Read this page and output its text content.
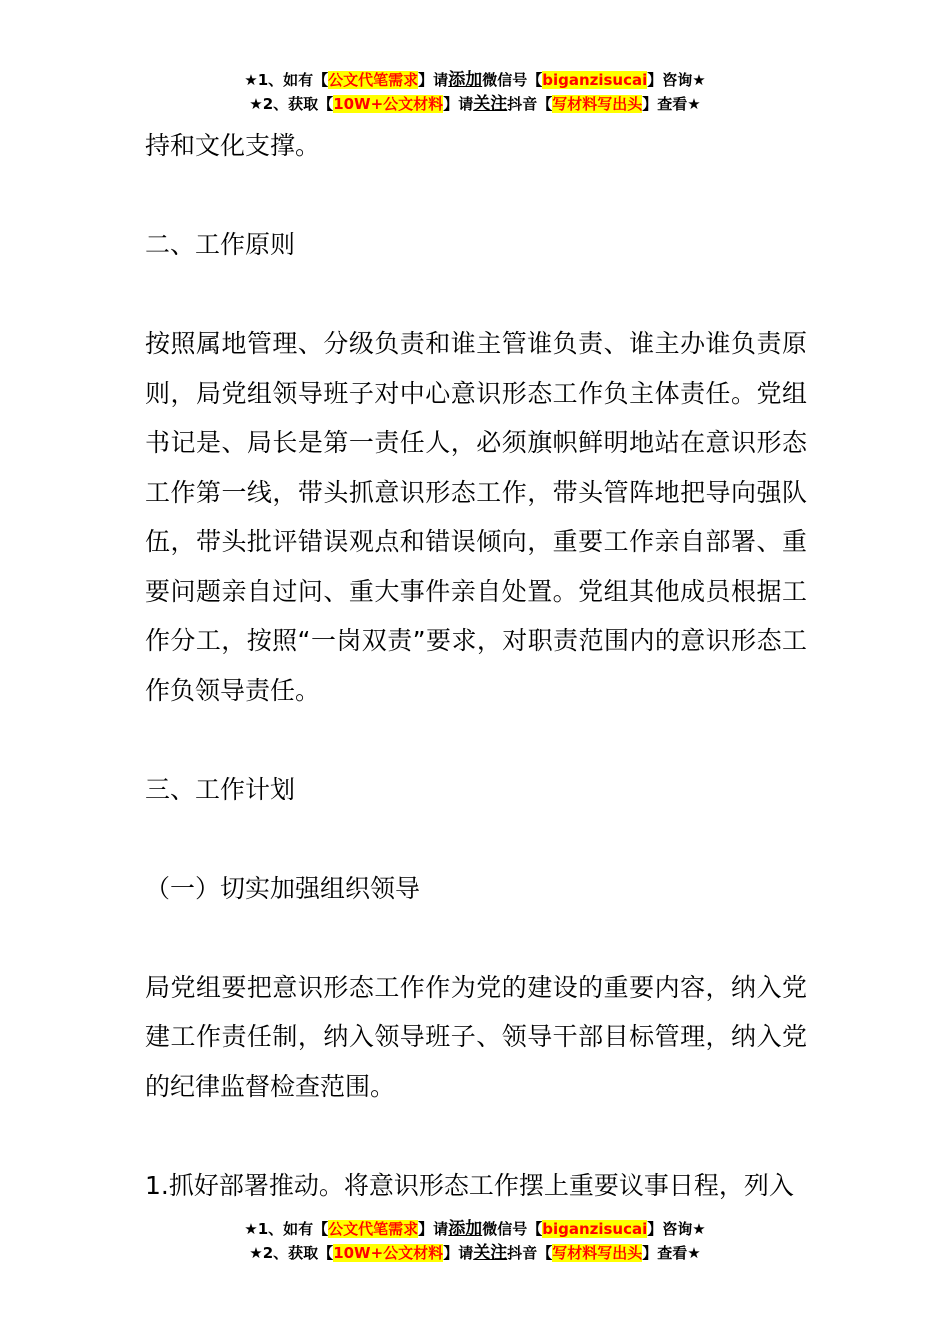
★1、如有【公文代笔需求】请添加微信号【biganzisucai】咨询★
★2、获取【10W+公文材料】请关注抖音【写材料写出头】查看★

持和文化支撑。

二、工作原则

按照属地管理、分级负责和谁主管谁负责、谁主办谁负责原则，局党组领导班子对中心意识形态工作负主体责任。党组书记是、局长是第一责任人，必须旗帜鲜明地站在意识形态工作第一线，带头抓意识形态工作，带头管阵地把导向强队伍，带头批评错误观点和错误倾向，重要工作亲自部署、重要问题亲自过问、重大事件亲自处置。党组其他成员根据工作分工，按照“一岗双责”要求，对职责范围内的意识形态工作负领导责任。

三、工作计划

（一）切实加强组织领导

局党组要把意识形态工作作为党的建设的重要内容，纳入党建工作责任制，纳入领导班子、领导干部目标管理，纳入党的纪律监督检查范围。

1.抓好部署推动。将意识形态工作摆上重要议事日程，列入

★1、如有【公文代笔需求】请添加微信号【biganzisucai】咨询★
★2、获取【10W+公文材料】请关注抖音【写材料写出头】查看★
